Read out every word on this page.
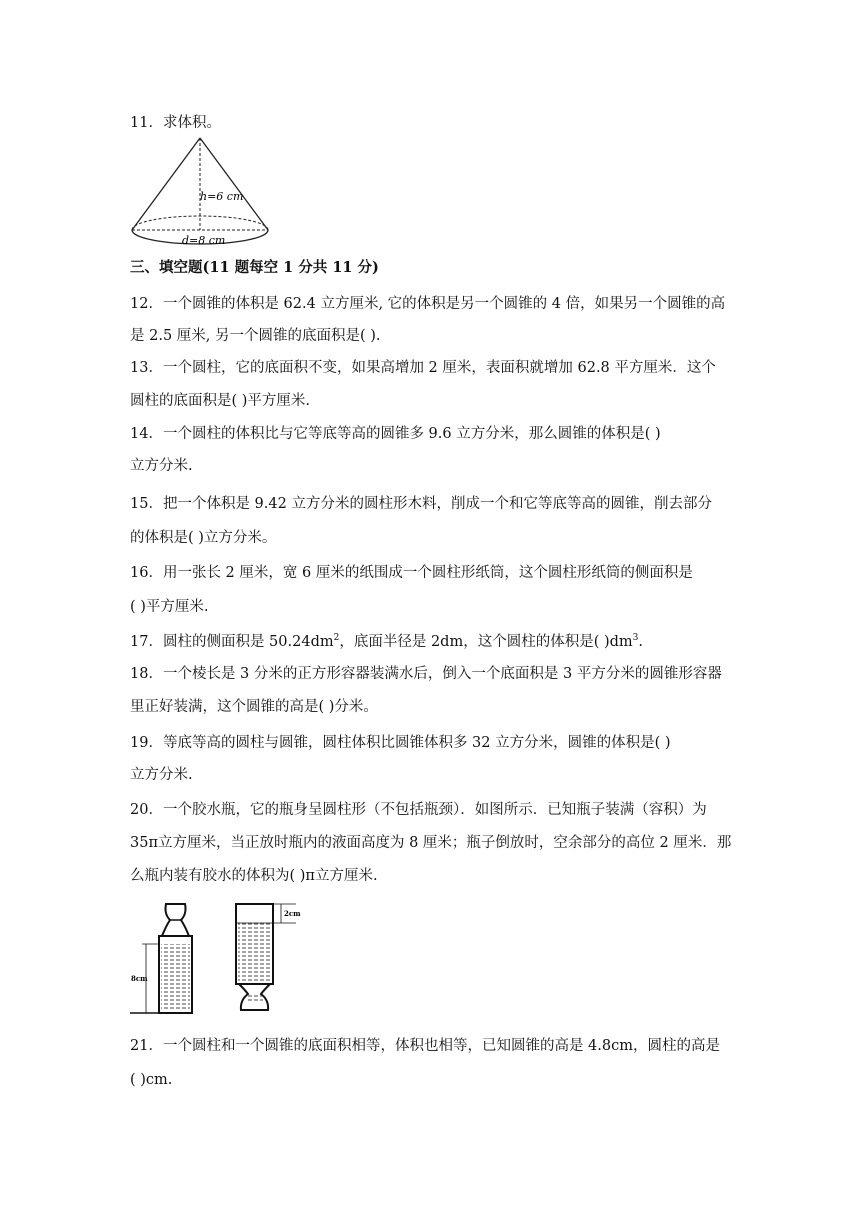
11．求体积。
h=6 cm
d=8 cm
三、填空题(11 题每空 1 分共 11 分)
12．一个圆锥的体积是 62.4 立方厘米, 它的体积是另一个圆锥的 4 倍，如果另一个圆锥的高
是 2.5 厘米, 另一个圆锥的底面积是( ).
13．一个圆柱，它的底面积不变，如果高增加 2 厘米，表面积就增加 62.8 平方厘米．这个
圆柱的底面积是( )平方厘米.
14．一个圆柱的体积比与它等底等高的圆锥多 9.6 立方分米，那么圆锥的体积是( )
立方分米.
15．把一个体积是 9.42 立方分米的圆柱形木料，削成一个和它等底等高的圆锥，削去部分
的体积是( )立方分米。
16．用一张长 2 厘米，宽 6 厘米的纸围成一个圆柱形纸筒，这个圆柱形纸筒的侧面积是
( )平方厘米.
17．圆柱的侧面积是 $50.24dm^2$，底面半径是 2dm，这个圆柱的体积是( )$dm^3$.
18．一个棱长是 3 分米的正方形容器装满水后，倒入一个底面积是 3 平方分米的圆锥形容器
里正好装满，这个圆锥的高是( )分米。
19．等底等高的圆柱与圆锥，圆柱体积比圆锥体积多 32 立方分米，圆锥的体积是( )
立方分米.
20．一个胶水瓶，它的瓶身呈圆柱形（不包括瓶颈）．如图所示．已知瓶子装满（容积）为
35π立方厘米，当正放时瓶内的液面高度为 8 厘米；瓶子倒放时，空余部分的高位 2 厘米．那
么瓶内装有胶水的体积为( )π立方厘米.
8cm
2cm
21．一个圆柱和一个圆锥的底面积相等，体积也相等，已知圆锥的高是 4.8cm，圆柱的高是
( )cm.
